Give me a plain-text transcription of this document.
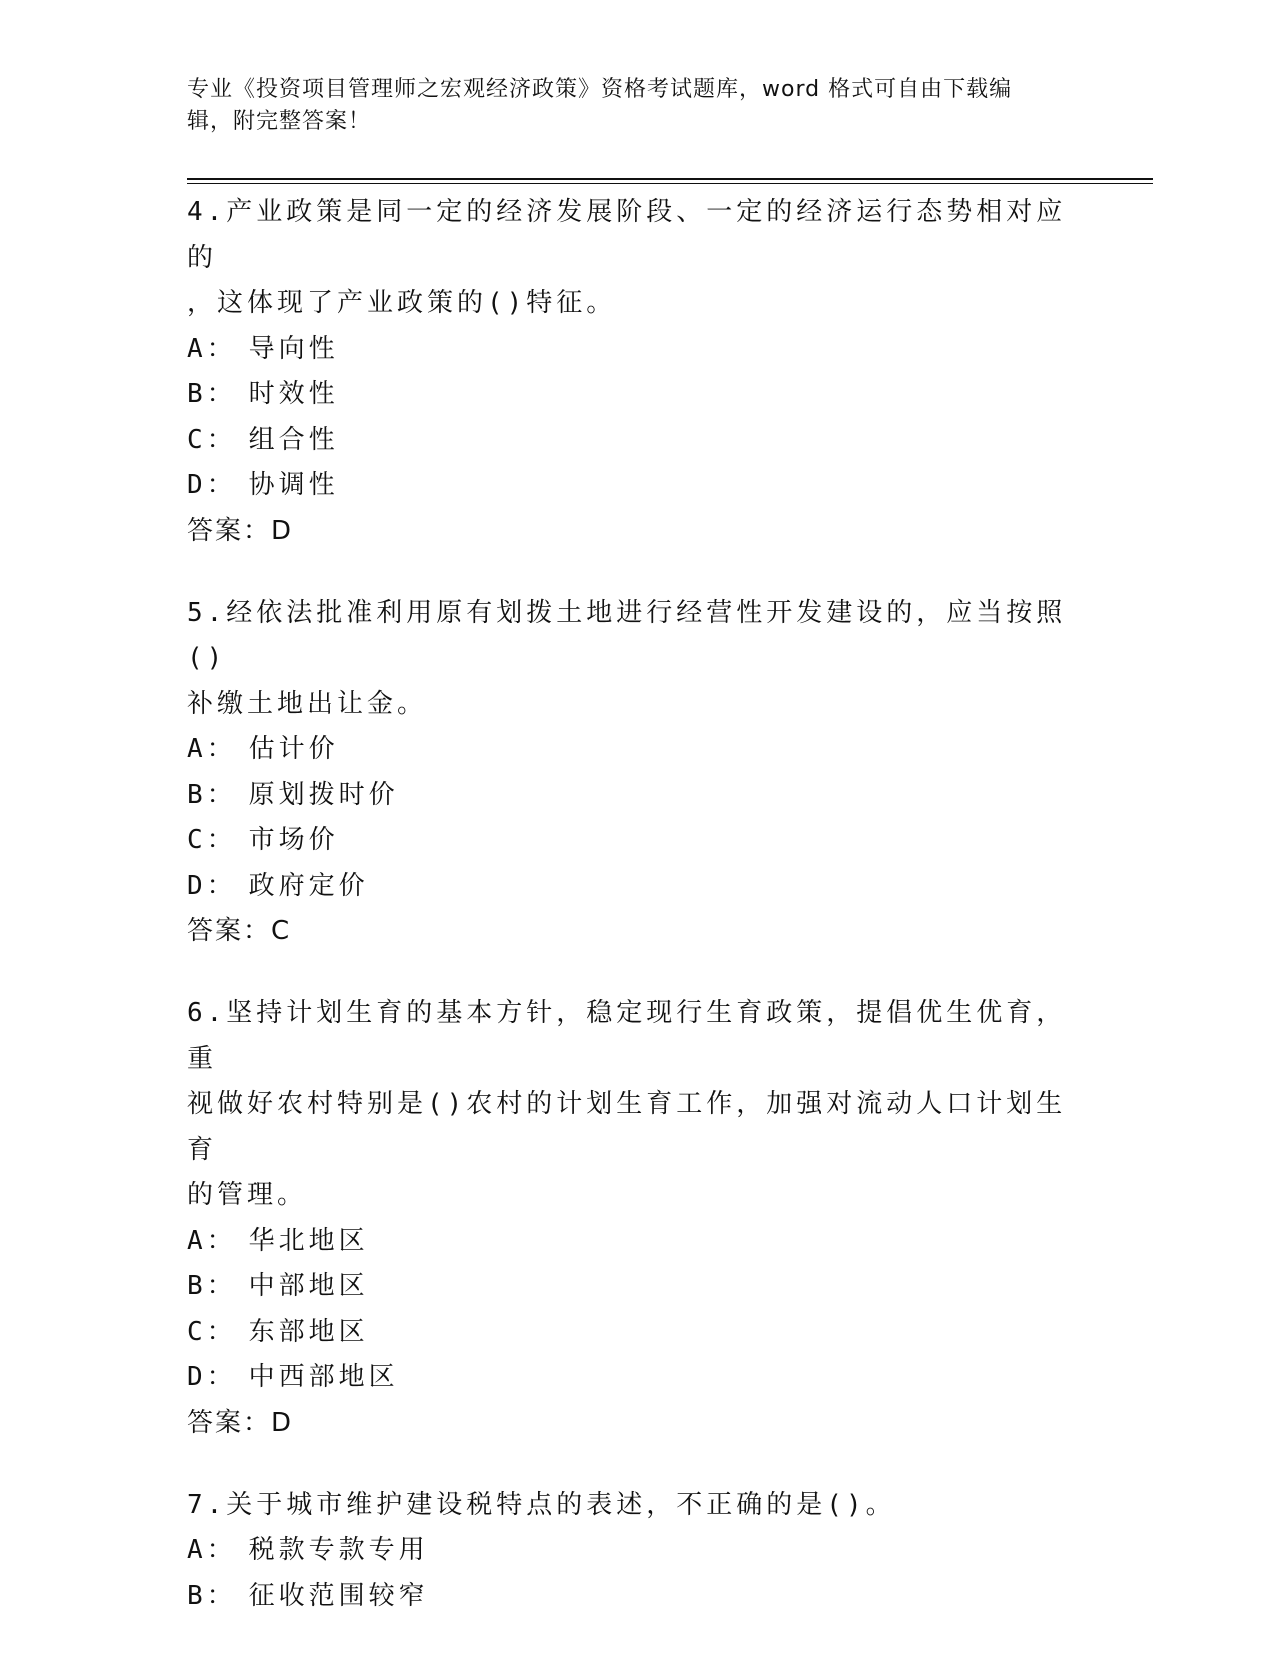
专业《投资项目管理师之宏观经济政策》资格考试题库，word 格式可自由下载编
辑，附完整答案！

4.产业政策是同一定的经济发展阶段、一定的经济运行态势相对应的

，这体现了产业政策的()特征。

A： 导向性
B： 时效性
C： 组合性
D： 协调性
答案：D

5.经依法批准利用原有划拨土地进行经营性开发建设的，应当按照()

补缴土地出让金。

A： 估计价
B： 原划拨时价
C： 市场价
D： 政府定价
答案：C

6.坚持计划生育的基本方针，稳定现行生育政策，提倡优生优育，重

视做好农村特别是()农村的计划生育工作，加强对流动人口计划生育

的管理。

A： 华北地区
B： 中部地区
C： 东部地区
D： 中西部地区
答案：D

7.关于城市维护建设税特点的表述，不正确的是()。

A： 税款专款专用
B： 征收范围较窄
